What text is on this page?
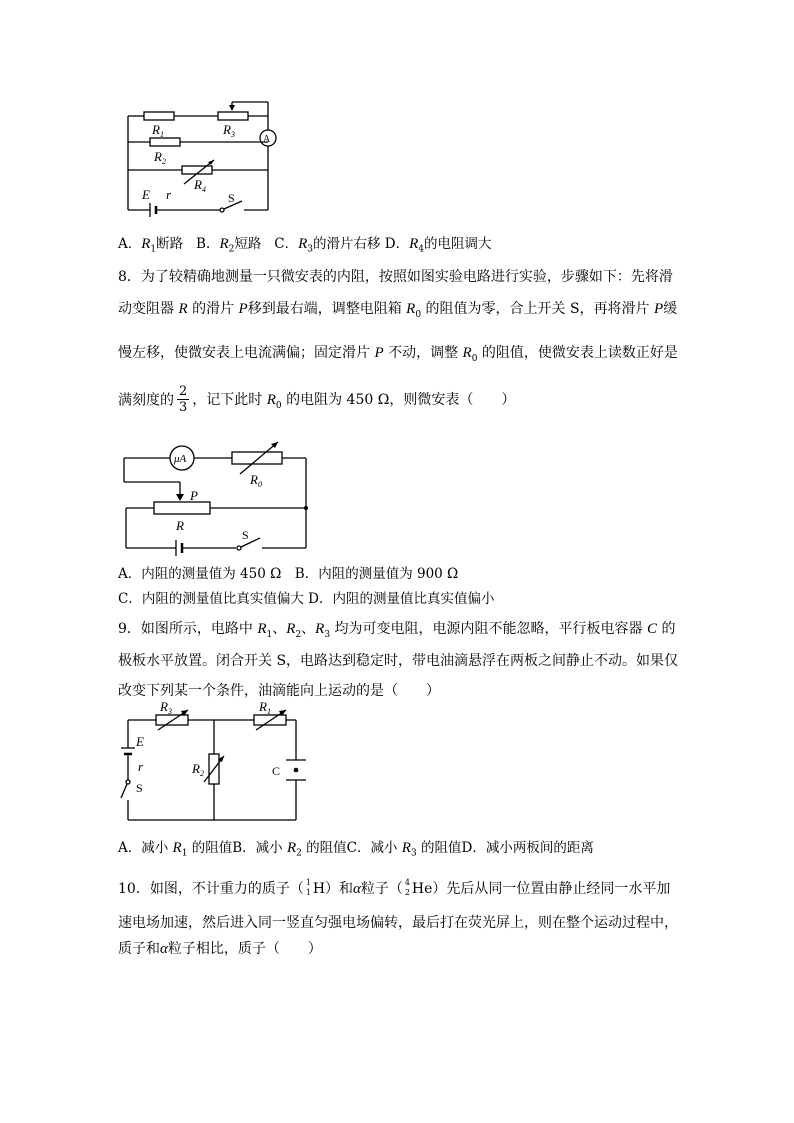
$R_1$	$R_3$
$R_2$
$R_4$
E r	S
A
A．$R_1$断路 B．$R_2$短路 C．$R_3$的滑片右移 D．$R_4$的电阻调大
8．为了较精确地测量一只微安表的内阻，按照如图实验电路进行实验，步骤如下：先将滑
动变阻器 R 的滑片 P移到最右端，调整电阻箱 $R_0$ 的阻值为零，合上开关 S，再将滑片 P缓
慢左移，使微安表上电流满偏；固定滑片 P 不动，调整 $R_0$ 的阻值，使微安表上读数正好是
满刻度的 $\frac{2}{3}$ ，记下此时 $R_0$ 的电阻为 450 Ω，则微安表（　　）
μA
$R_0$
P
R
S
A．内阻的测量值为 450 Ω　B．内阻的测量值为 900 Ω
C．内阻的测量值比真实值偏大 D．内阻的测量值比真实值偏小
9．如图所示，电路中 $R_1$、$R_2$、$R_3$ 均为可变电阻，电源内阻不能忽略，平行板电容器 C 的
极板水平放置。闭合开关 S，电路达到稳定时，带电油滴悬浮在两板之间静止不动。如果仅
改变下列某一个条件，油滴能向上运动的是（　　）
$R_3$	$R_1$
$R_2$
E
r
S
C
A．减小 $R_1$ 的阻值B．减小 $R_2$ 的阻值C．减小 $R_3$ 的阻值D．减小两板间的距离
10．如图，不计重力的质子（ 1
1 H）和α粒子（ 4
2 He）先后从同一位置由静止经同一水平加
速电场加速，然后进入同一竖直匀强电场偏转，最后打在荧光屏上，则在整个运动过程中，
质子和α粒子相比，质子（　　）
